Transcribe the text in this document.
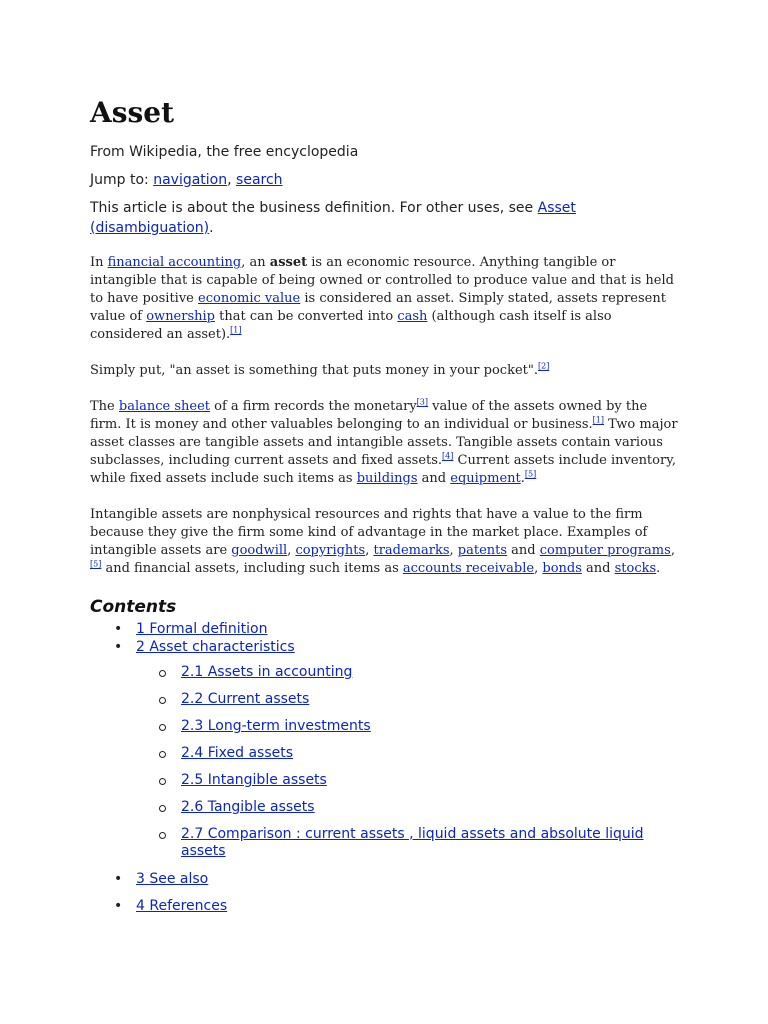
Asset
From Wikipedia, the free encyclopedia
Jump to: navigation, search
This article is about the business definition. For other uses, see Asset (disambiguation).

In financial accounting, an asset is an economic resource. Anything tangible or intangible that is capable of being owned or controlled to produce value and that is held to have positive economic value is considered an asset. Simply stated, assets represent value of ownership that can be converted into cash (although cash itself is also considered an asset).[1]

Simply put, "an asset is something that puts money in your pocket".[2]

The balance sheet of a firm records the monetary[3] value of the assets owned by the firm. It is money and other valuables belonging to an individual or business.[1] Two major asset classes are tangible assets and intangible assets. Tangible assets contain various subclasses, including current assets and fixed assets.[4] Current assets include inventory, while fixed assets include such items as buildings and equipment.[5]

Intangible assets are nonphysical resources and rights that have a value to the firm because they give the firm some kind of advantage in the market place. Examples of intangible assets are goodwill, copyrights, trademarks, patents and computer programs,[5] and financial assets, including such items as accounts receivable, bonds and stocks.

Contents
• 1 Formal definition
• 2 Asset characteristics
2.1 Assets in accounting
2.2 Current assets
2.3 Long-term investments
2.4 Fixed assets
2.5 Intangible assets
2.6 Tangible assets
2.7 Comparison : current assets , liquid assets and absolute liquid assets
• 3 See also
• 4 References
